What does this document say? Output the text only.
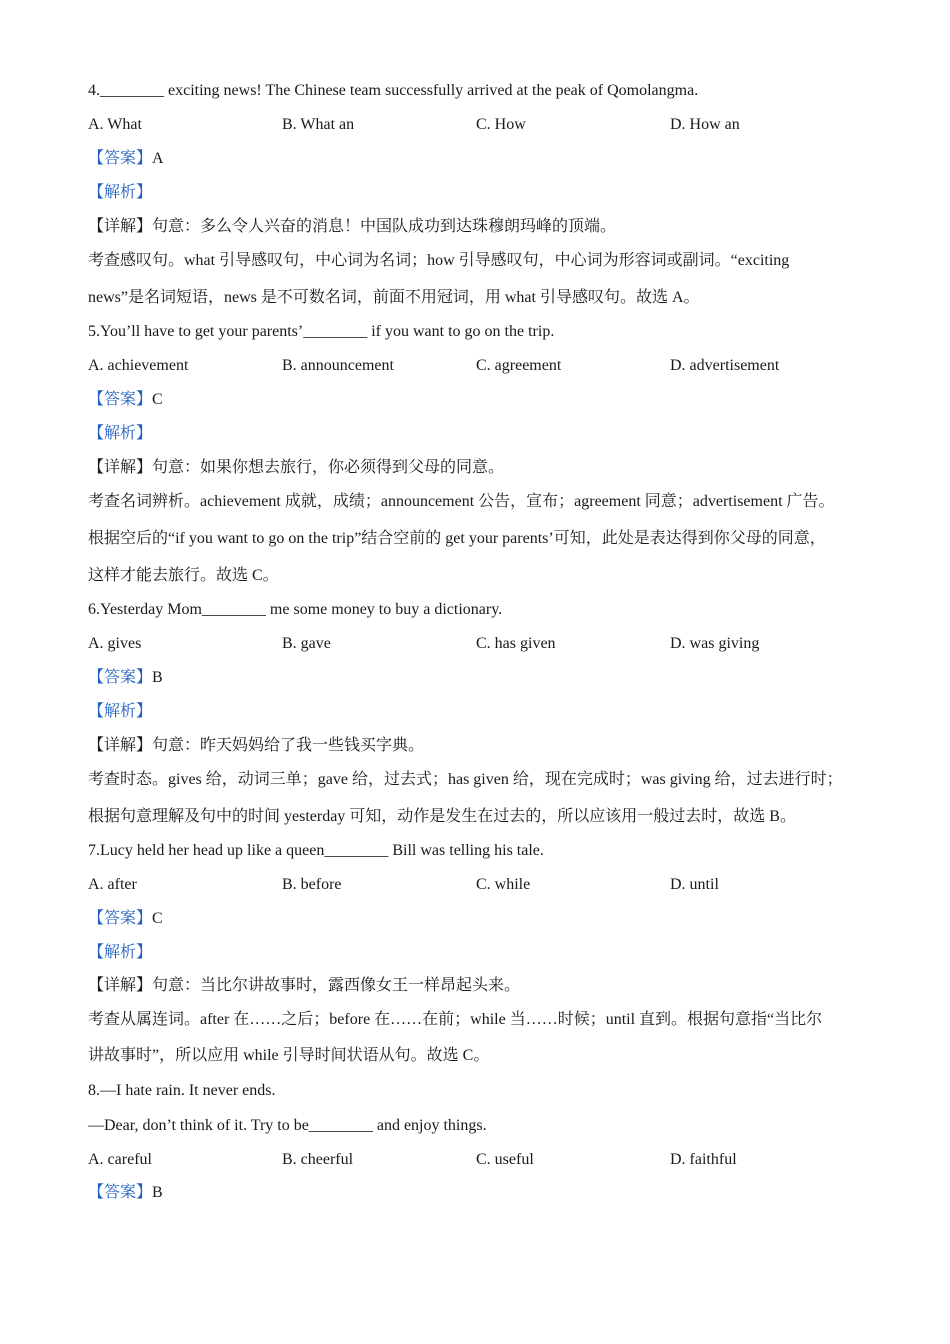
4.________ exciting news! The Chinese team successfully arrived at the peak of Qomolangma.
A. What	B. What an	C. How	D. How an
【答案】A
【解析】
【详解】句意：多么令人兴奋的消息！中国队成功到达珠穆朗玛峰的顶端。
考查感叹句。what 引导感叹句，中心词为名词；how 引导感叹句，中心词为形容词或副词。“exciting
news”是名词短语，news 是不可数名词，前面不用冠词，用 what 引导感叹句。故选 A。
5.You’ll have to get your parents’________ if you want to go on the trip.
A. achievement	B. announcement	C. agreement	D. advertisement
【答案】C
【解析】
【详解】句意：如果你想去旅行，你必须得到父母的同意。
考查名词辨析。achievement 成就，成绩；announcement 公告，宣布；agreement 同意；advertisement 广告。
根据空后的“if you want to go on the trip”结合空前的 get your parents’可知，此处是表达得到你父母的同意，
这样才能去旅行。故选 C。
6.Yesterday Mom________ me some money to buy a dictionary.
A. gives	B. gave	C. has given	D. was giving
【答案】B
【解析】
【详解】句意：昨天妈妈给了我一些钱买字典。
考查时态。gives 给，动词三单；gave 给，过去式；has given 给，现在完成时；was giving 给，过去进行时；
根据句意理解及句中的时间 yesterday 可知，动作是发生在过去的，所以应该用一般过去时，故选 B。
7.Lucy held her head up like a queen________ Bill was telling his tale.
A. after	B. before	C. while	D. until
【答案】C
【解析】
【详解】句意：当比尔讲故事时，露西像女王一样昂起头来。
考查从属连词。after 在……之后；before 在……在前；while 当……时候；until 直到。根据句意指“当比尔
讲故事时”，所以应用 while 引导时间状语从句。故选 C。
8.—I hate rain. It never ends.
—Dear, don’t think of it. Try to be________ and enjoy things.
A. careful	B. cheerful	C. useful	D. faithful
【答案】B
